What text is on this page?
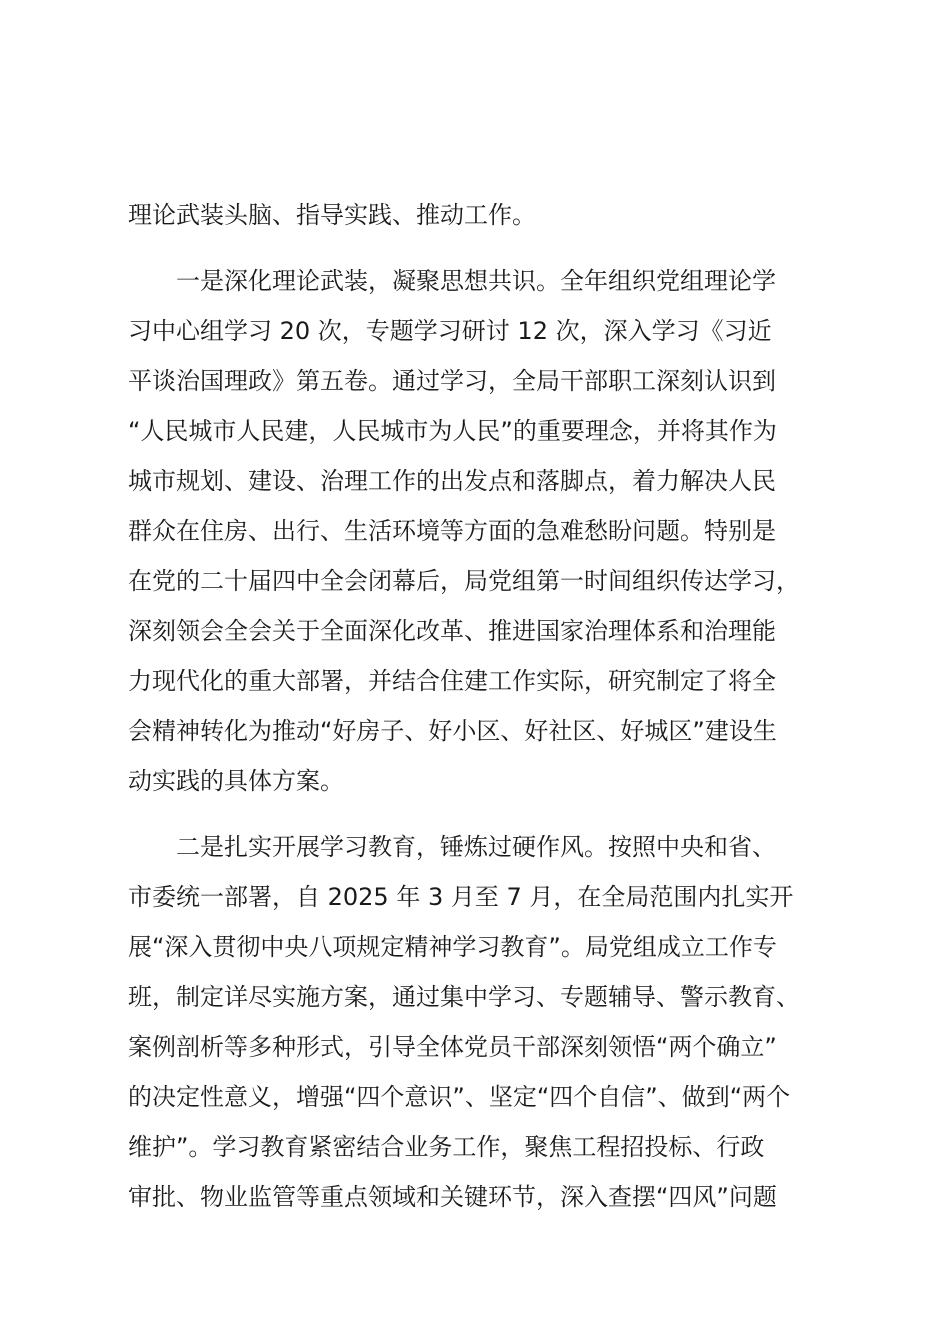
理论武装头脑、指导实践、推动工作。
一是深化理论武装，凝聚思想共识。全年组织党组理论学
习中心组学习 20 次，专题学习研讨 12 次，深入学习《习近
平谈治国理政》第五卷。通过学习，全局干部职工深刻认识到
“人民城市人民建，人民城市为人民”的重要理念，并将其作为
城市规划、建设、治理工作的出发点和落脚点，着力解决人民
群众在住房、出行、生活环境等方面的急难愁盼问题。特别是
在党的二十届四中全会闭幕后，局党组第一时间组织传达学习，
深刻领会全会关于全面深化改革、推进国家治理体系和治理能
力现代化的重大部署，并结合住建工作实际，研究制定了将全
会精神转化为推动“好房子、好小区、好社区、好城区”建设生
动实践的具体方案。
二是扎实开展学习教育，锤炼过硬作风。按照中央和省、
市委统一部署，自 2025 年 3 月至 7 月，在全局范围内扎实开
展“深入贯彻中央八项规定精神学习教育”。局党组成立工作专
班，制定详尽实施方案，通过集中学习、专题辅导、警示教育、
案例剖析等多种形式，引导全体党员干部深刻领悟“两个确立”
的决定性意义，增强“四个意识”、坚定“四个自信”、做到“两个
维护”。学习教育紧密结合业务工作，聚焦工程招投标、行政
审批、物业监管等重点领域和关键环节，深入查摆“四风”问题
